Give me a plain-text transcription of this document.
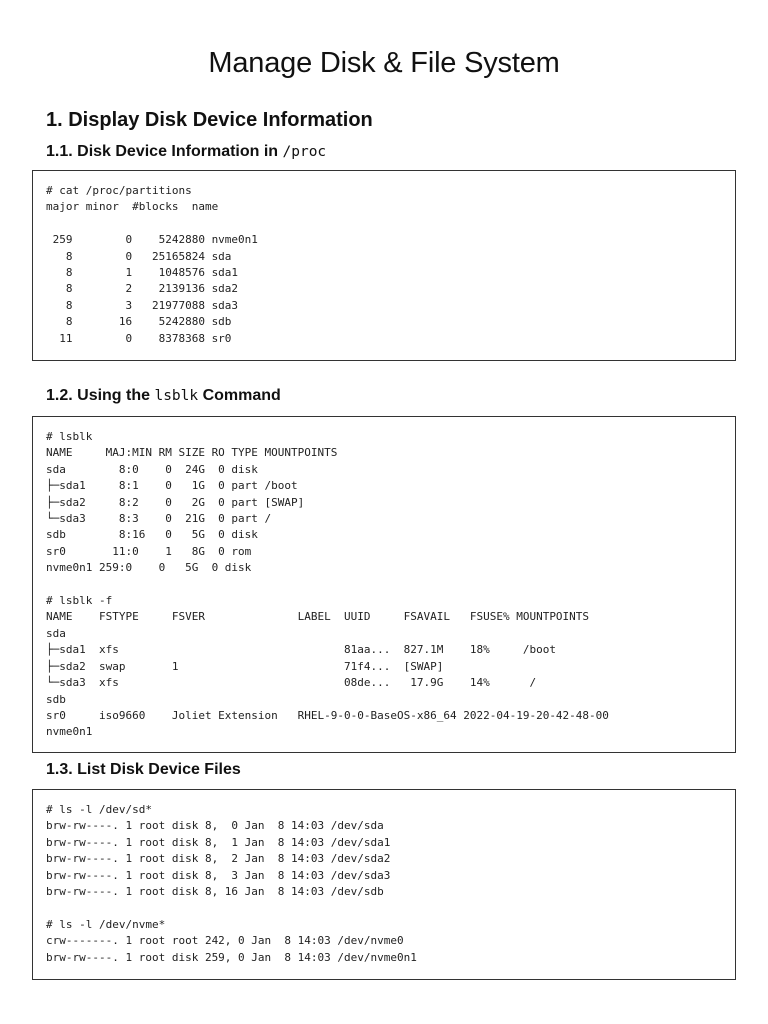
Manage Disk & File System
1. Display Disk Device Information
1.1. Disk Device Information in /proc
# cat /proc/partitions
major minor  #blocks  name

259        0    5242880 nvme0n1
8        0   25165824 sda
8        1    1048576 sda1
8        2    2139136 sda2
8        3   21977088 sda3
8       16    5242880 sdb
11        0    8378368 sr0
1.2. Using the lsblk Command
# lsblk
NAME     MAJ:MIN RM SIZE RO TYPE MOUNTPOINTS
sda        8:0    0  24G  0 disk
├─sda1     8:1    0   1G  0 part /boot
├─sda2     8:2    0   2G  0 part [SWAP]
└─sda3     8:3    0  21G  0 part /
sdb        8:16   0   5G  0 disk
sr0       11:0    1   8G  0 rom
nvme0n1 259:0    0   5G  0 disk

# lsblk -f
NAME    FSTYPE     FSVER              LABEL  UUID     FSAVAIL   FSUSE% MOUNTPOINTS
sda
├─sda1  xfs                                  81aa...  827.1M    18%     /boot
├─sda2  swap       1                         71f4...  [SWAP]
└─sda3  xfs                                  08de...   17.9G    14%      /
sdb
sr0     iso9660    Joliet Extension   RHEL-9-0-0-BaseOS-x86_64 2022-04-19-20-42-48-00
nvme0n1
1.3. List Disk Device Files
# ls -l /dev/sd*
brw-rw----. 1 root disk 8,  0 Jan  8 14:03 /dev/sda
brw-rw----. 1 root disk 8,  1 Jan  8 14:03 /dev/sda1
brw-rw----. 1 root disk 8,  2 Jan  8 14:03 /dev/sda2
brw-rw----. 1 root disk 8,  3 Jan  8 14:03 /dev/sda3
brw-rw----. 1 root disk 8, 16 Jan  8 14:03 /dev/sdb

# ls -l /dev/nvme*
crw-------. 1 root root 242, 0 Jan  8 14:03 /dev/nvme0
brw-rw----. 1 root disk 259, 0 Jan  8 14:03 /dev/nvme0n1
